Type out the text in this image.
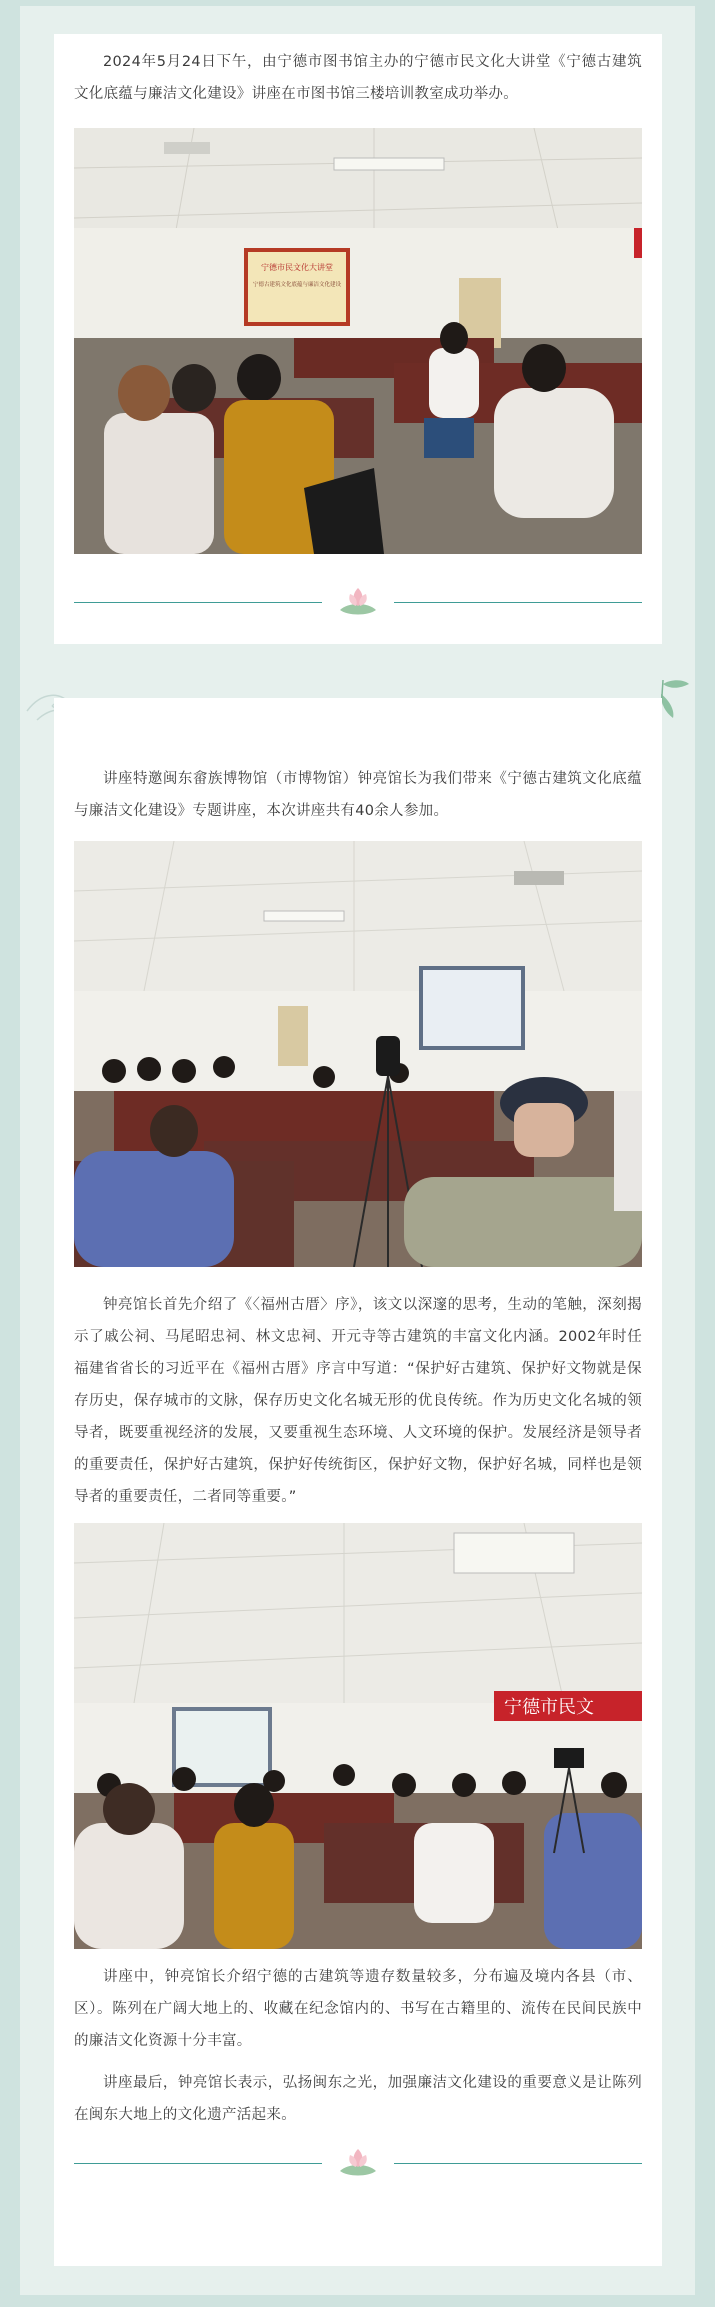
2024年5月24日下午，由宁德市图书馆主办的宁德市民文化大讲堂《宁德古建筑文化底蕴与廉洁文化建设》讲座在市图书馆三楼培训教室成功举办。

宁德市民文化大讲堂
宁德古建筑文化底蕴与廉洁文化建设

讲座特邀闽东畲族博物馆（市博物馆）钟亮馆长为我们带来《宁德古建筑文化底蕴与廉洁文化建设》专题讲座，本次讲座共有40余人参加。

钟亮馆长首先介绍了《〈福州古厝〉序》，该文以深邃的思考，生动的笔触，深刻揭示了戚公祠、马尾昭忠祠、林文忠祠、开元寺等古建筑的丰富文化内涵。2002年时任福建省省长的习近平在《福州古厝》序言中写道：“保护好古建筑、保护好文物就是保存历史，保存城市的文脉，保存历史文化名城无形的优良传统。作为历史文化名城的领导者，既要重视经济的发展，又要重视生态环境、人文环境的保护。发展经济是领导者的重要责任，保护好古建筑，保护好传统街区，保护好文物，保护好名城，同样也是领导者的重要责任，二者同等重要。”

宁德市民文

讲座中，钟亮馆长介绍宁德的古建筑等遗存数量较多，分布遍及境内各县（市、区）。陈列在广阔大地上的、收藏在纪念馆内的、书写在古籍里的、流传在民间民族中的廉洁文化资源十分丰富。

讲座最后，钟亮馆长表示，弘扬闽东之光，加强廉洁文化建设的重要意义是让陈列在闽东大地上的文化遗产活起来。
